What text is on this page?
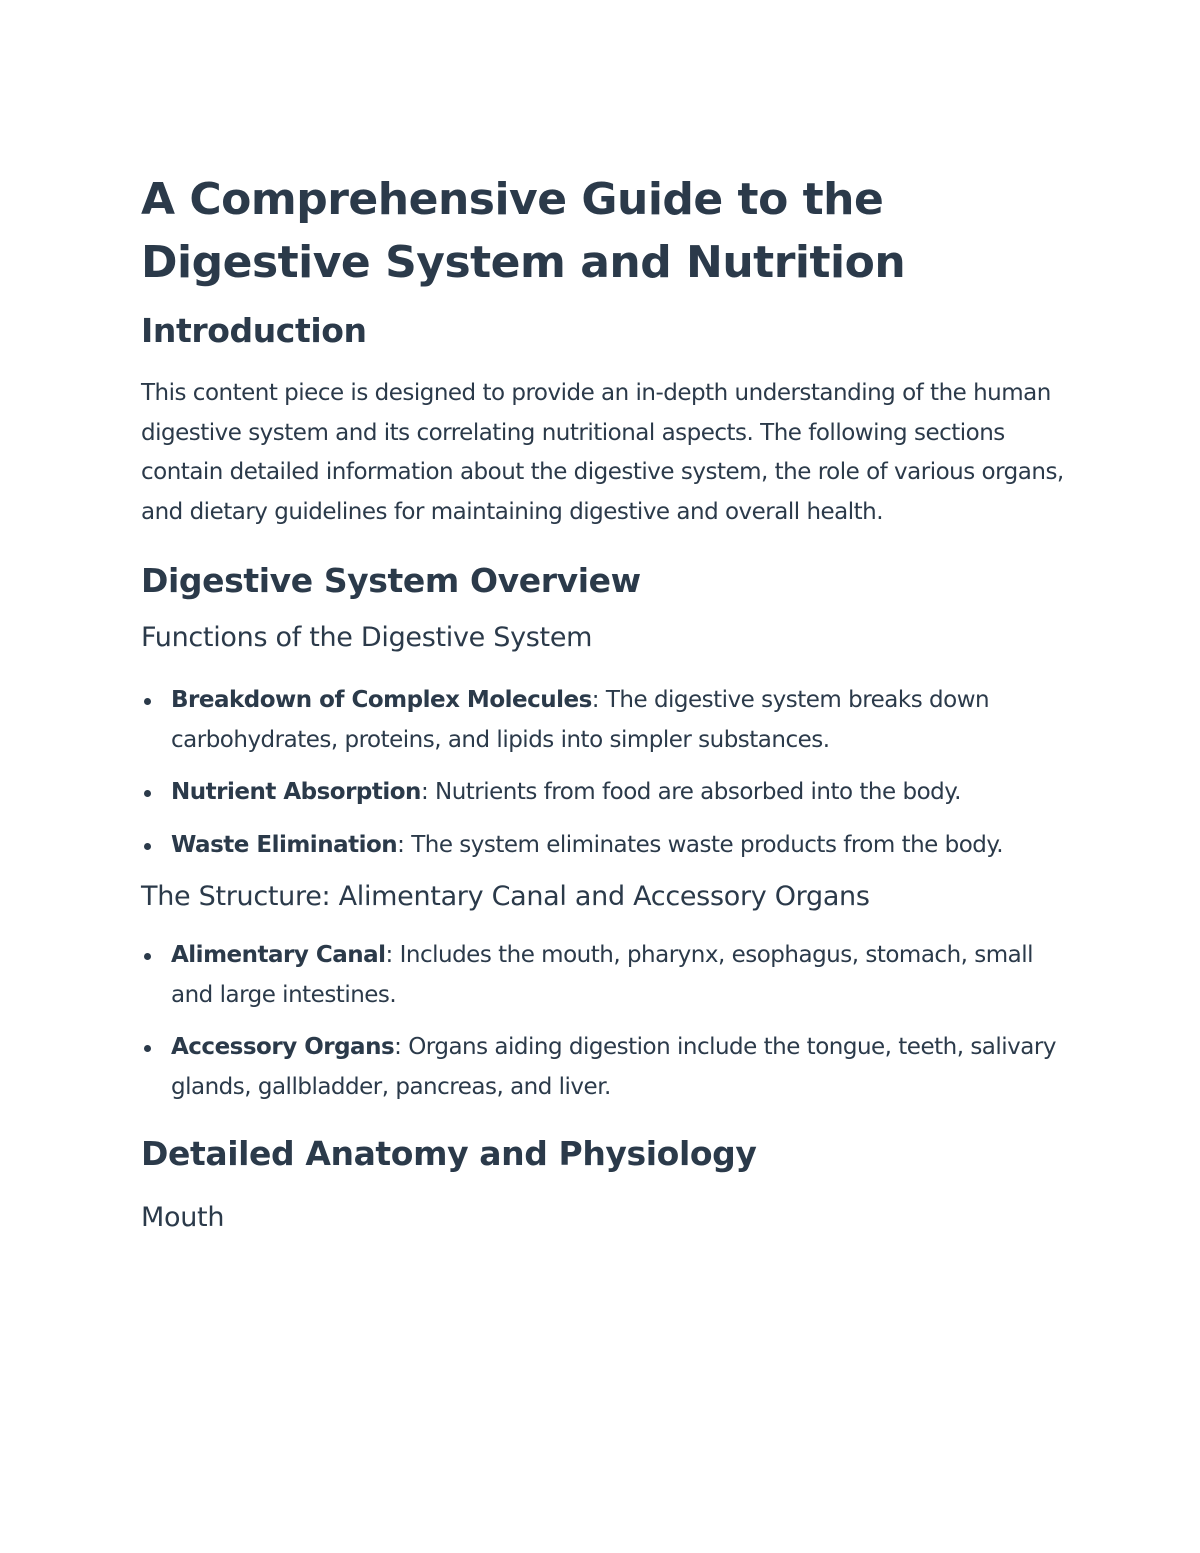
A Comprehensive Guide to the Digestive System and Nutrition
Introduction

This content piece is designed to provide an in-depth understanding of the human digestive system and its correlating nutritional aspects. The following sections contain detailed information about the digestive system, the role of various organs, and dietary guidelines for maintaining digestive and overall health.

Digestive System Overview
Functions of the Digestive System
Breakdown of Complex Molecules: The digestive system breaks down carbohydrates, proteins, and lipids into simpler substances.
Nutrient Absorption: Nutrients from food are absorbed into the body.
Waste Elimination: The system eliminates waste products from the body.
The Structure: Alimentary Canal and Accessory Organs
Alimentary Canal: Includes the mouth, pharynx, esophagus, stomach, small and large intestines.
Accessory Organs: Organs aiding digestion include the tongue, teeth, salivary glands, gallbladder, pancreas, and liver.
Detailed Anatomy and Physiology
Mouth
